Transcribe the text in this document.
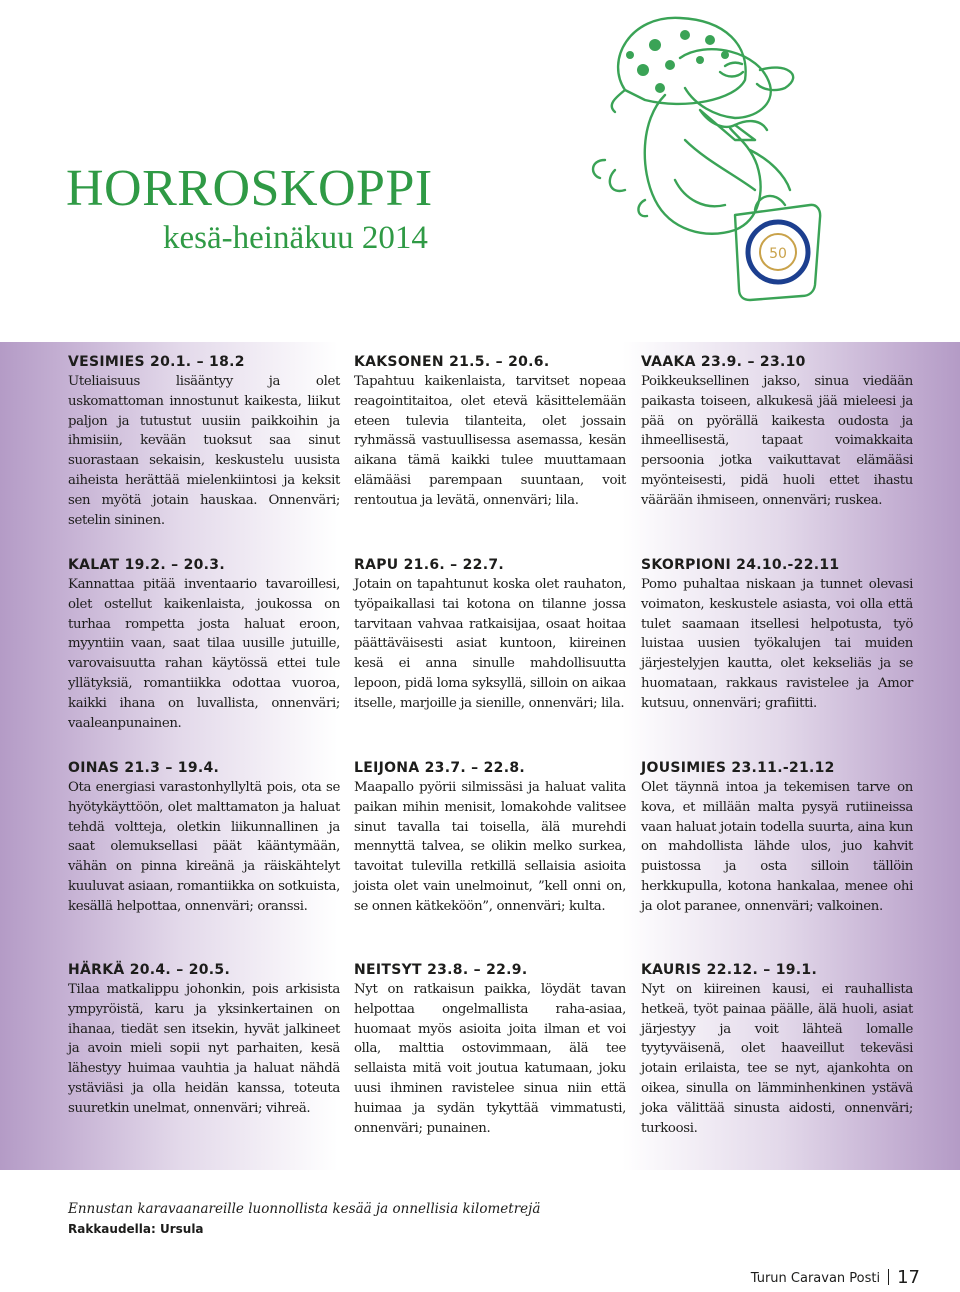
HORROSKOPPI
kesä-heinäkuu 2014	50
VESIMIES 20.1. – 18.2

Uteliaisuus lisääntyy ja olet uskomattoman innostunut kaikesta, liikut paljon ja tutustut uusiin paikkoihin ja ihmisiin, kevään tuoksut saa sinut suorastaan sekaisin, keskustelu uusista aiheista herättää mielenkiintosi ja keksit sen myötä jotain hauskaa. Onnenväri; setelin sininen.

KAKSONEN 21.5. – 20.6.

Tapahtuu kaikenlaista, tarvitset nopeaa reagointitaitoa, olet etevä käsittelemään eteen tulevia tilanteita, olet jossain ryhmässä vastuullisessa asemassa, kesän aikana tämä kaikki tulee muuttamaan elämääsi parempaan suuntaan, voit rentoutua ja levätä, onnenväri; lila.

VAAKA 23.9. – 23.10

Poikkeuksellinen jakso, sinua viedään paikasta toiseen, alkukesä jää mieleesi ja pää on pyörällä kaikesta oudosta ja ihmeellisestä, tapaat voimakkaita persoonia jotka vaikuttavat elämääsi myönteisesti, pidä huoli ettet ihastu väärään ihmiseen, onnenväri; ruskea.

KALAT 19.2. – 20.3.

Kannattaa pitää inventaario tavaroillesi, olet ostellut kaikenlaista, joukossa on turhaa rompetta josta haluat eroon, myyntiin vaan, saat tilaa uusille jutuille, varovaisuutta rahan käytössä ettei tule yllätyksiä, romantiikka odottaa vuoroa, kaikki ihana on luvallista, onnenväri; vaaleanpunainen.

RAPU 21.6. – 22.7.

Jotain on tapahtunut koska olet rauhaton, työpaikallasi tai kotona on tilanne jossa tarvitaan vahvaa ratkaisijaa, osaat hoitaa päättäväisesti asiat kuntoon, kiireinen kesä ei anna sinulle mahdollisuutta lepoon, pidä loma syksyllä, silloin on aikaa itselle, marjoille ja sienille, onnenväri; lila.

SKORPIONI 24.10.-22.11

Pomo puhaltaa niskaan ja tunnet olevasi voimaton, keskustele asiasta, voi olla että tulet saamaan itsellesi helpotusta, työ luistaa uusien työkalujen tai muiden järjestelyjen kautta, olet kekseliäs ja se huomataan, rakkaus ravistelee ja Amor kutsuu, onnenväri; grafiitti.

OINAS 21.3 – 19.4.

Ota energiasi varastonhyllyltä pois, ota se hyötykäyttöön, olet malttamaton ja haluat tehdä voltteja, oletkin liikunnallinen ja saat olemuksellasi päät kääntymään, vähän on pinna kireänä ja räiskähtelyt kuuluvat asiaan, romantiikka on sotkuista, kesällä helpottaa, onnenväri; oranssi.

LEIJONA 23.7. – 22.8.

Maapallo pyörii silmissäsi ja haluat valita paikan mihin menisit, lomakohde valitsee sinut tavalla tai toisella, älä murehdi mennyttä talvea, se olikin melko surkea, tavoitat tulevilla retkillä sellaisia asioita joista olet vain unelmoinut, ”kell onni on, se onnen kätkeköön”, onnenväri; kulta.

JOUSIMIES 23.11.-21.12

Olet täynnä intoa ja tekemisen tarve on kova, et millään malta pysyä rutiineissa vaan haluat jotain todella suurta, aina kun on mahdollista lähde ulos, juo kahvit puistossa ja osta silloin tällöin herkkupulla, kotona hankalaa, menee ohi ja olot paranee, onnenväri; valkoinen.

HÄRKÄ 20.4. – 20.5.

Tilaa matkalippu johonkin, pois arkisista ympyröistä, karu ja yksinkertainen on ihanaa, tiedät sen itsekin, hyvät jalkineet ja avoin mieli sopii nyt parhaiten, kesä lähestyy huimaa vauhtia ja haluat nähdä ystäviäsi ja olla heidän kanssa, toteuta suuretkin unelmat, onnenväri; vihreä.

NEITSYT 23.8. – 22.9.

Nyt on ratkaisun paikka, löydät tavan helpottaa ongelmallista raha-asiaa, huomaat myös asioita joita ilman et voi olla, malttia ostovimmaan, älä tee sellaista mitä voit joutua katumaan, joku uusi ihminen ravistelee sinua niin että huimaa ja sydän tykyttää vimmatusti, onnenväri; punainen.

KAURIS 22.12. – 19.1.

Nyt on kiireinen kausi, ei rauhallista hetkeä, työt painaa päälle, älä huoli, asiat järjestyy ja voit lähteä lomalle tyytyväisenä, olet haaveillut tekeväsi jotain erilaista, tee se nyt, ajankohta on oikea, sinulla on lämminhenkinen ystävä joka välittää sinusta aidosti, onnenväri; turkoosi.

Ennustan karavaanareille luonnollista kesää ja onnellisia kilometrejä

Rakkaudella: Ursula

Turun Caravan Posti 17
